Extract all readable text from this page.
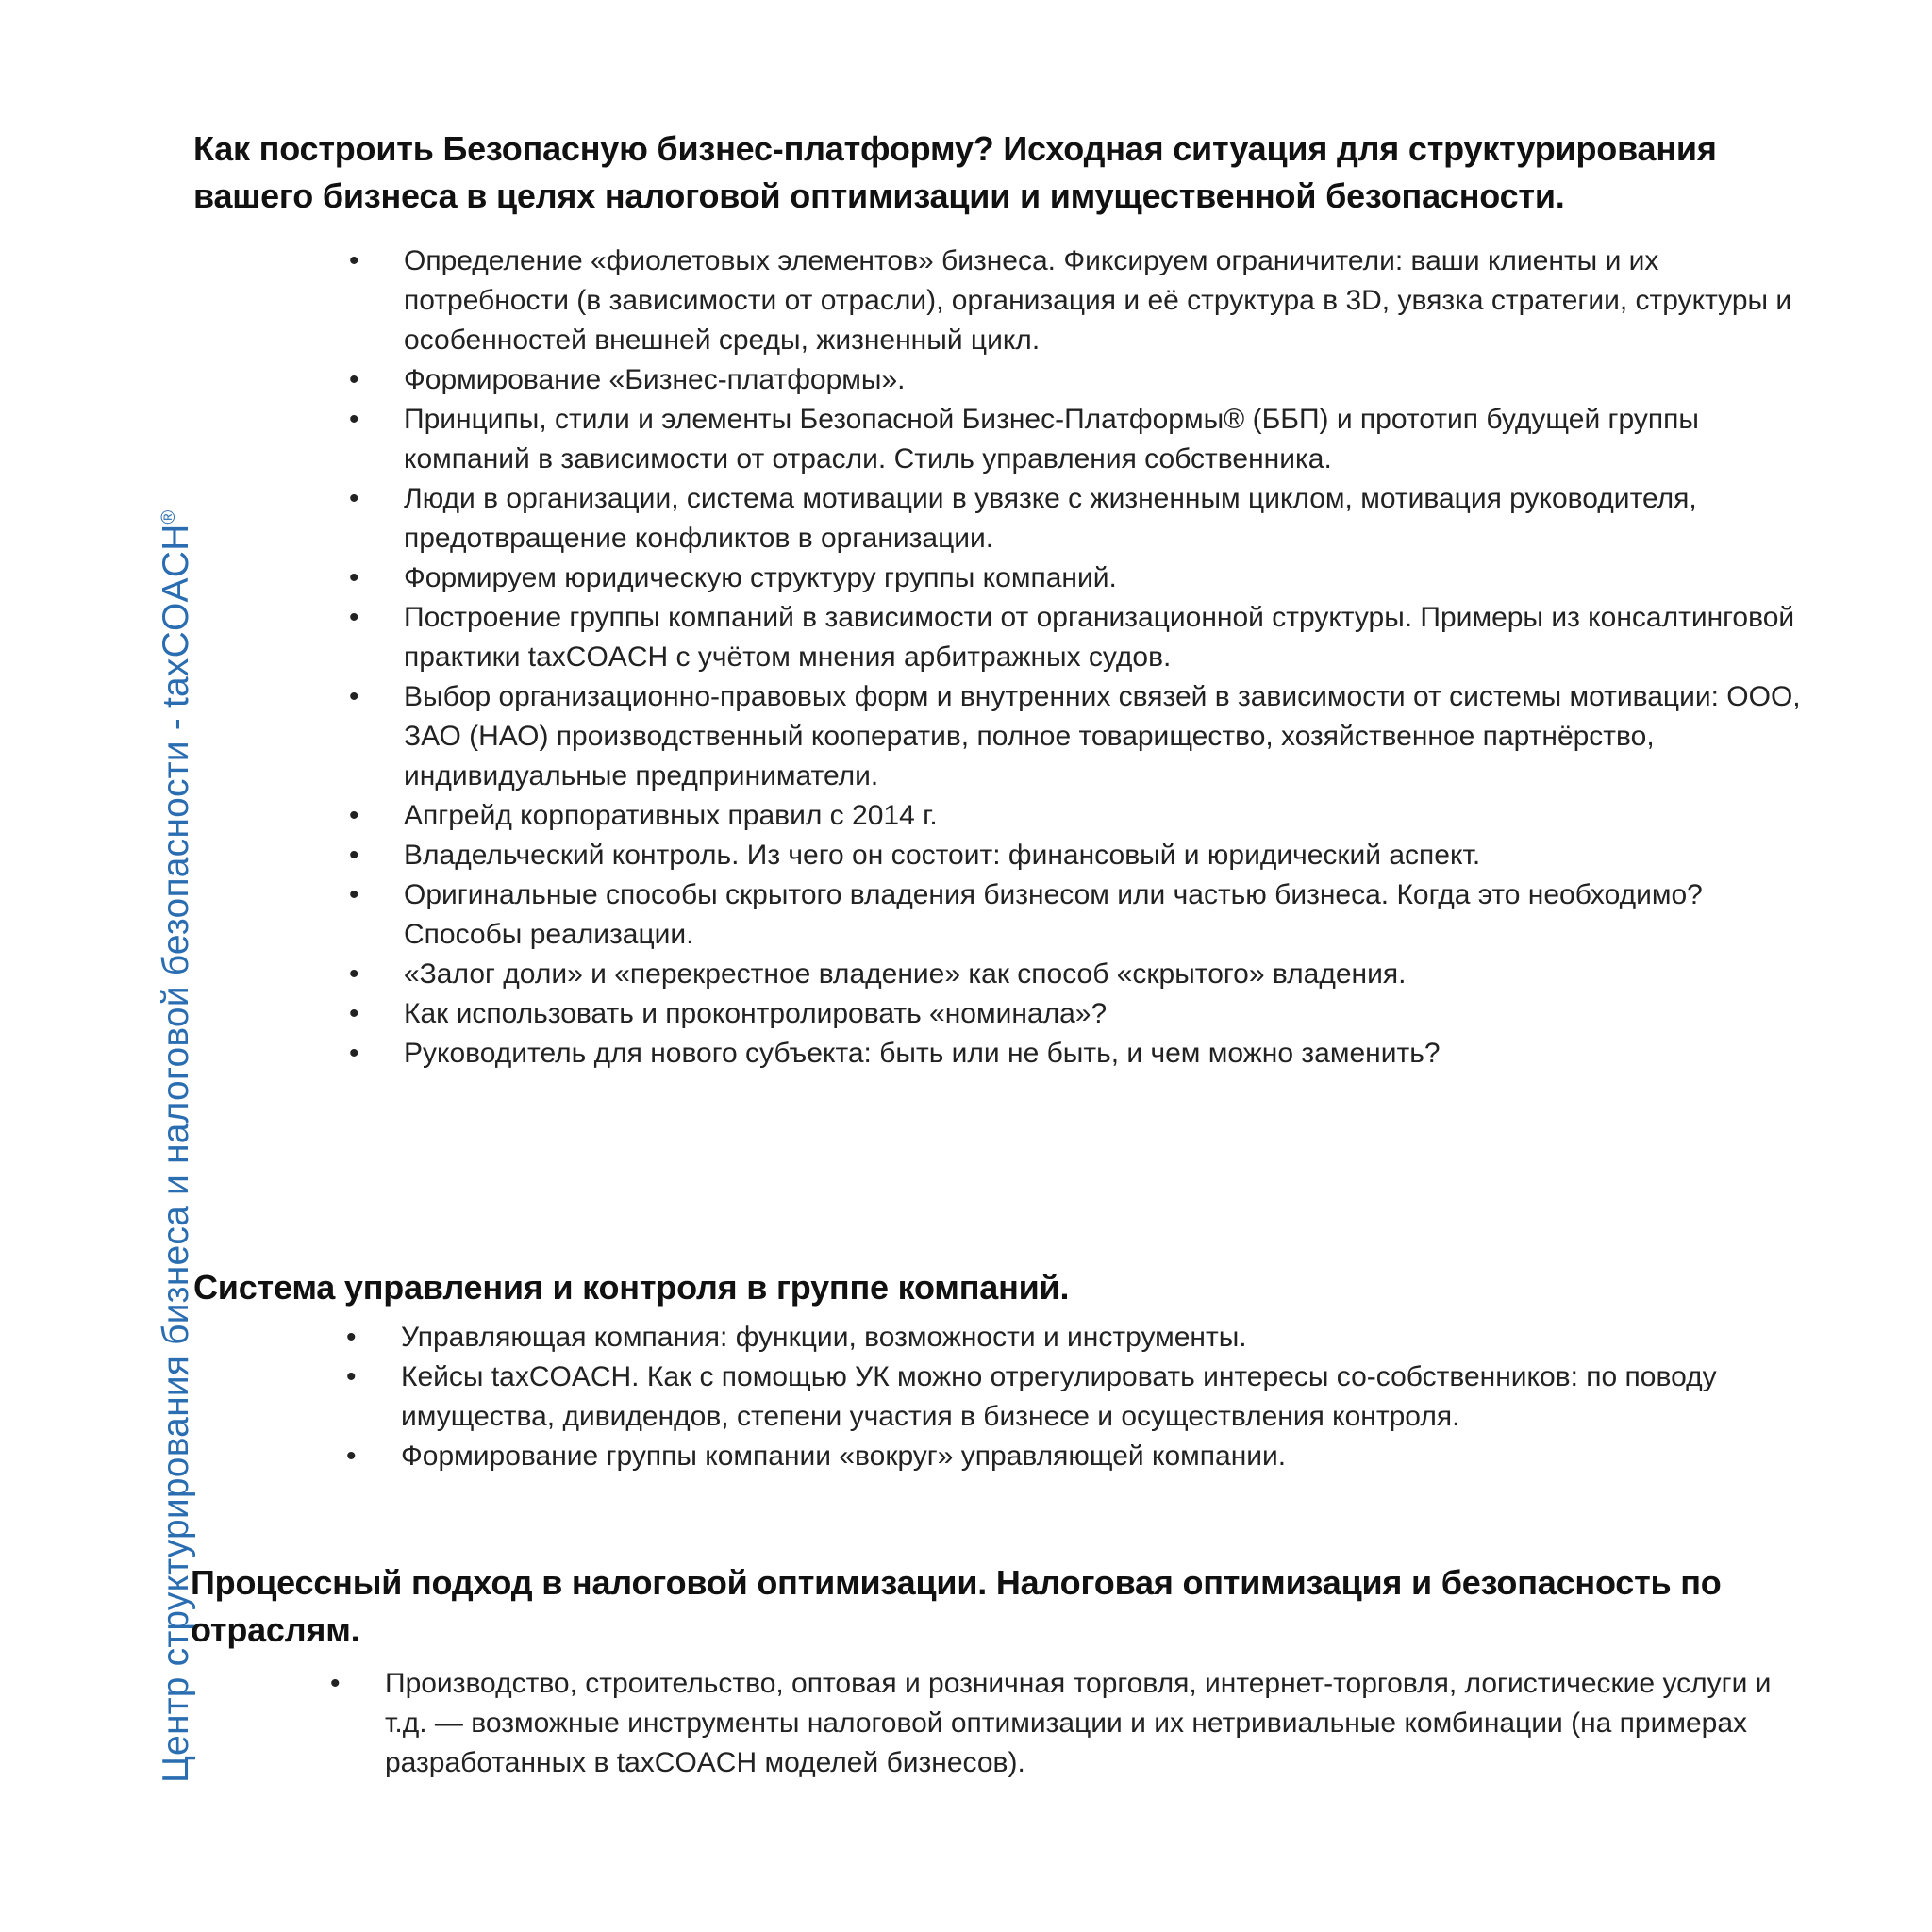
Центр структурирования бизнеса и налоговой безопасности - taxCOACH®
Как построить Безопасную бизнес-платформу? Исходная ситуация для структурирования вашего бизнеса в целях налоговой оптимизации и имущественной безопасности.
• Определение «фиолетовых элементов» бизнеса. Фиксируем ограничители: ваши клиенты и их потребности (в зависимости от отрасли), организация и её структура в 3D, увязка стратегии, структуры и особенностей внешней среды, жизненный цикл.
• Формирование «Бизнес-платформы».
• Принципы, стили и элементы Безопасной Бизнес-Платформы® (ББП) и прототип будущей группы компаний в зависимости от отрасли. Стиль управления собственника.
• Люди в организации, система мотивации в увязке с жизненным циклом, мотивация руководителя, предотвращение конфликтов в организации.
• Формируем юридическую структуру группы компаний.
• Построение группы компаний в зависимости от организационной структуры. Примеры из консалтинговой практики taxCOACH с учётом мнения арбитражных судов.
• Выбор организационно-правовых форм и внутренних связей в зависимости от системы мотивации: ООО, ЗАО (НАО) производственный кооператив, полное товарищество, хозяйственное партнёрство, индивидуальные предприниматели.
• Апгрейд корпоративных правил с 2014 г.
• Владельческий контроль. Из чего он состоит: финансовый и юридический аспект.
• Оригинальные способы скрытого владения бизнесом или частью бизнеса. Когда это необходимо? Способы реализации.
• «Залог доли» и «перекрестное владение» как способ «скрытого» владения.
• Как использовать и проконтролировать «номинала»?
• Руководитель для нового субъекта: быть или не быть, и чем можно заменить?
Система управления и контроля в группе компаний.
• Управляющая компания: функции, возможности и инструменты.
• Кейсы taxCOACH. Как с помощью УК можно отрегулировать интересы со-собственников: по поводу имущества, дивидендов, степени участия в бизнесе и осуществления контроля.
• Формирование группы компании «вокруг» управляющей компании.
Процессный подход в налоговой оптимизации. Налоговая оптимизация и безопасность по отраслям.
• Производство, строительство, оптовая и розничная торговля, интернет-торговля, логистические услуги и т.д. — возможные инструменты налоговой оптимизации и их нетривиальные комбинации (на примерах разработанных в taxCOACH моделей бизнесов).
